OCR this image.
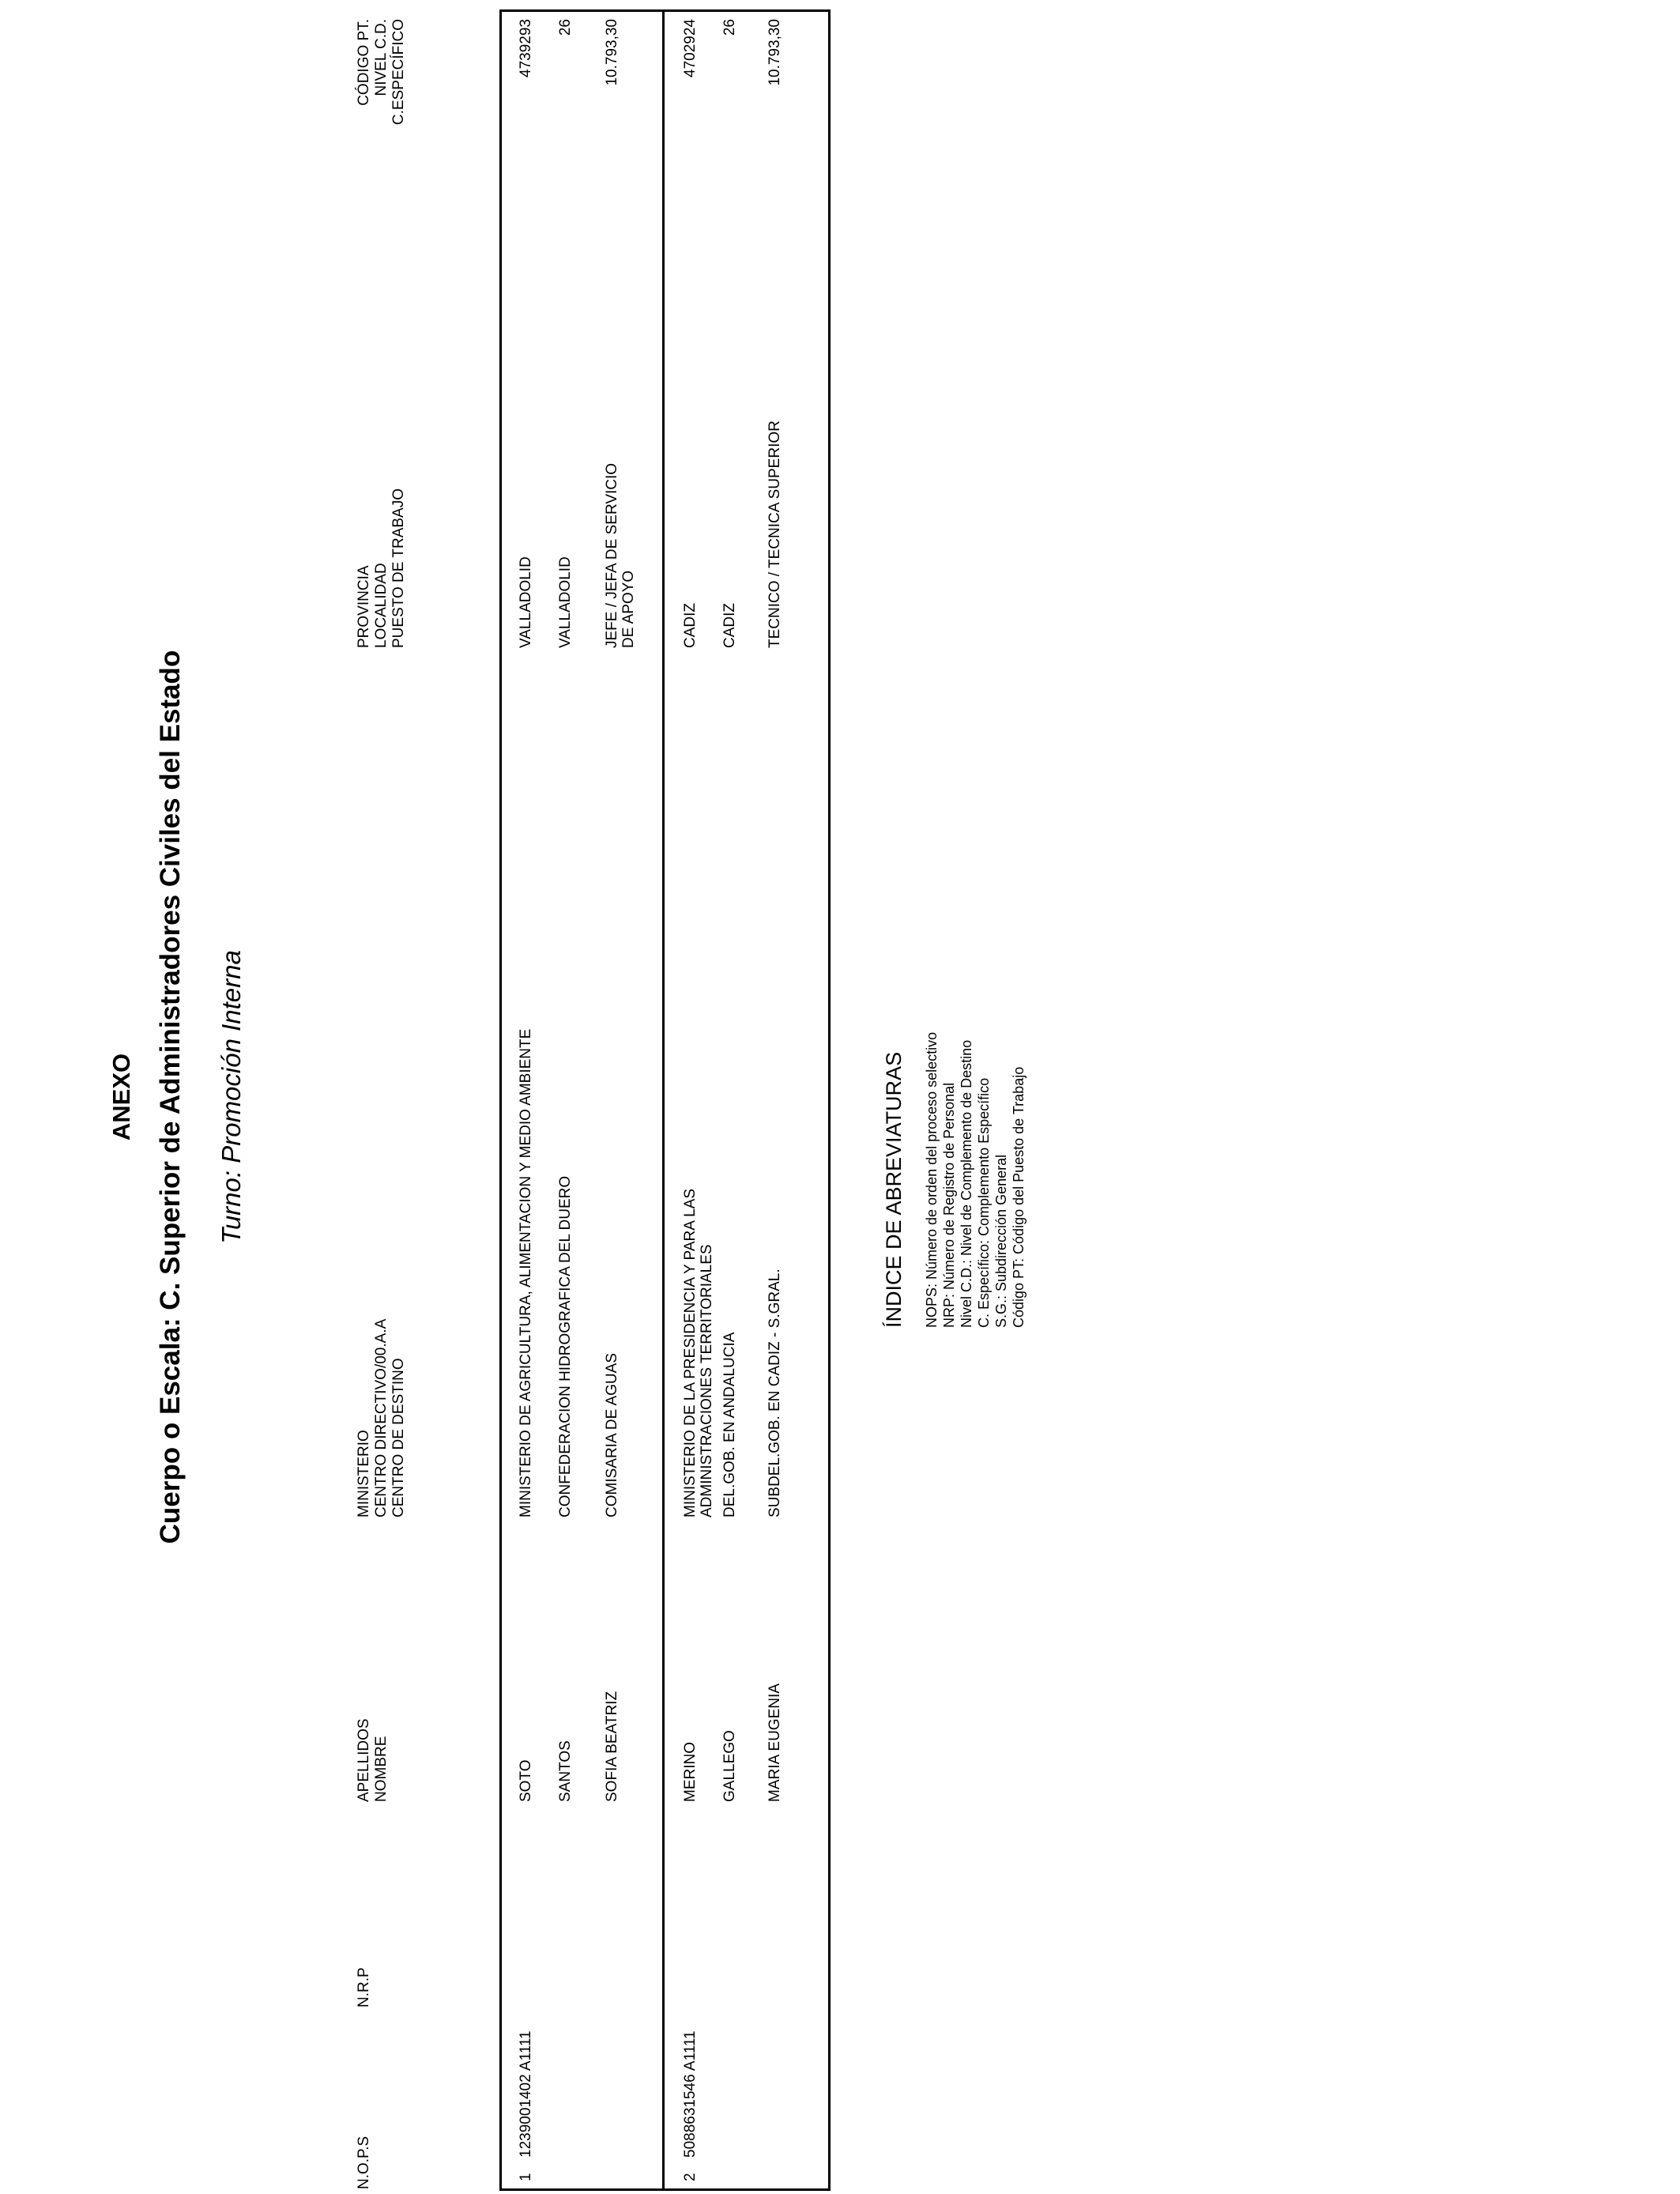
ANEXO Cuerpo o Escala: C. Superior de Administradores Civiles del Estado Turno: Promoción Interna
N.O.P.S
N.R.P
APELLIDOS NOMBRE
MINISTERIO CENTRO DIRECTIVO/00.A.A CENTRO DE DESTINO
PROVINCIA LOCALIDAD PUESTO DE TRABAJO
CÓDIGO PT. NIVEL C.D. C.ESPECÍFICO
1
1239001402 A1111
SOTO SANTOS SOFIA BEATRIZ
MINISTERIO DE AGRICULTURA, ALIMENTACION Y MEDIO AMBIENTE CONFEDERACION HIDROGRAFICA DEL DUERO COMISARIA DE AGUAS
VALLADOLID VALLADOLID JEFE / JEFA DE SERVICIO DE APOYO
4739293 26 10.793,30
2
5088631546 A1111
MERINO GALLEGO MARIA EUGENIA
MINISTERIO DE LA PRESIDENCIA Y PARA LAS ADMINISTRACIONES TERRITORIALES DEL.GOB. EN ANDALUCIA SUBDEL.GOB. EN CADIZ - S.GRAL.
CADIZ CADIZ TECNICO / TECNICA SUPERIOR
4702924 26 10.793,30
ÍNDICE DE ABREVIATURAS NOPS: Número de orden del proceso selectivo NRP: Número de Registro de Personal Nivel C.D.: Nivel de Complemento de Destino C. Específico: Complemento Específico S.G.: Subdirección General Código PT: Código del Puesto de Trabajo
